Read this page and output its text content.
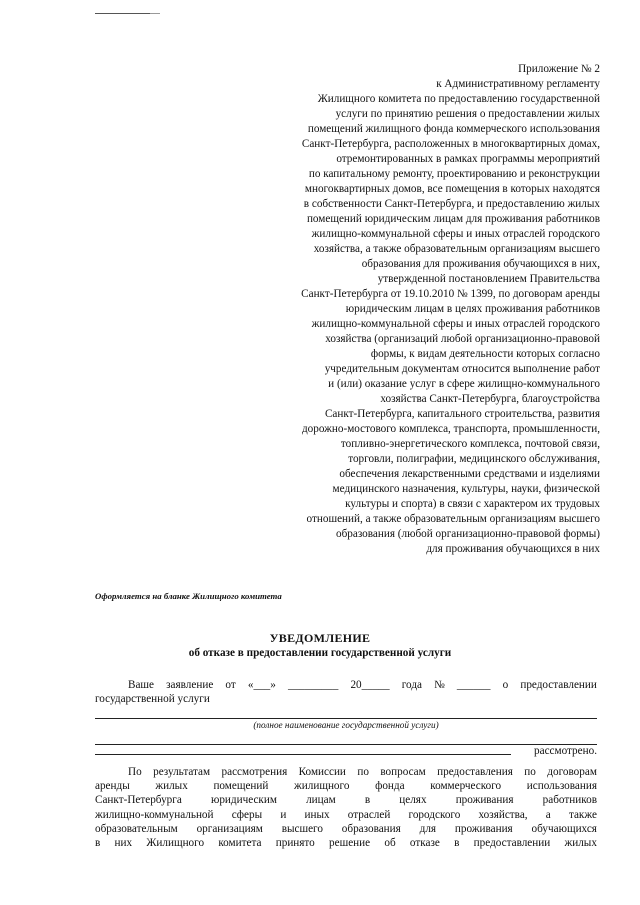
Приложение № 2
к Административному регламенту
Жилищного комитета по предоставлению государственной
услуги по принятию решения о предоставлении жилых
помещений жилищного фонда коммерческого использования
Санкт-Петербурга, расположенных в многоквартирных домах,
отремонтированных в рамках программы мероприятий
по капитальному ремонту, проектированию и реконструкции
многоквартирных домов, все помещения в которых находятся
в собственности Санкт-Петербурга, и предоставлению жилых
помещений юридическим лицам для проживания работников
жилищно-коммунальной сферы и иных отраслей городского
хозяйства, а также образовательным организациям высшего
образования для проживания обучающихся в них,
утвержденной постановлением Правительства
Санкт-Петербурга от 19.10.2010 № 1399, по договорам аренды
юридическим лицам в целях проживания работников
жилищно-коммунальной сферы и иных отраслей городского
хозяйства (организаций любой организационно-правовой
формы, к видам деятельности которых согласно
учредительным документам относится выполнение работ
и (или) оказание услуг в сфере жилищно-коммунального
хозяйства Санкт-Петербурга, благоустройства
Санкт-Петербурга, капитального строительства, развития
дорожно-мостового комплекса, транспорта, промышленности,
топливно-энергетического комплекса, почтовой связи,
торговли, полиграфии, медицинского обслуживания,
обеспечения лекарственными средствами и изделиями
медицинского назначения, культуры, науки, физической
культуры и спорта) в связи с характером их трудовых
отношений, а также образовательным организациям высшего
образования (любой организационно-правовой формы)
для проживания обучающихся в них
Оформляется на бланке Жилищного комитета
УВЕДОМЛЕНИЕ
об отказе в предоставлении государственной услуги
Ваше заявление от «___» _________ 20_____ года № ______ о предоставлении
государственной услуги
(полное наименование государственной услуги)
рассмотрено.
По результатам рассмотрения Комиссии по вопросам предоставления по договорам
аренды жилых помещений жилищного фонда коммерческого использования
Санкт-Петербурга	юридическим	лицам	в	целях	проживания	работников
жилищно-коммунальной сферы и иных отраслей городского хозяйства, а также
образовательным организациям высшего образования для проживания обучающихся
в них Жилищного комитета принято решение об отказе в предоставлении жилых
